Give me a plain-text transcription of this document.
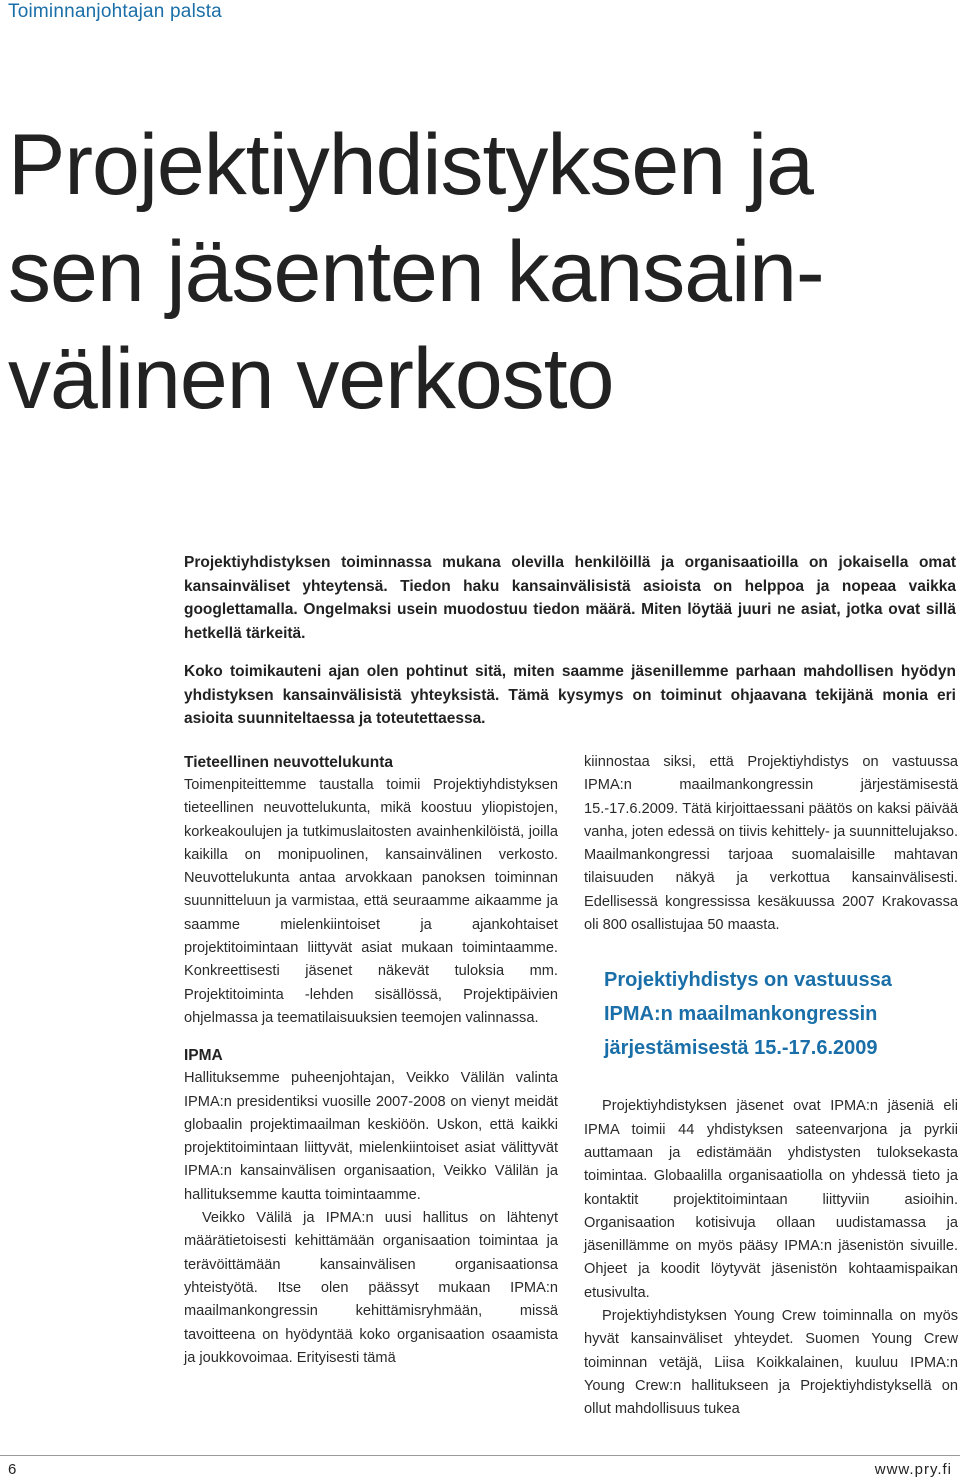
Toiminnanjohtajan palsta
Projektiyhdistyksen ja
sen jäsenten kansain-
välinen verkosto

Projektiyhdistyksen toiminnassa mukana olevilla henkilöillä ja organisaatioilla on jokaisella omat kansainväliset yhteytensä. Tiedon haku kansainvälisistä asioista on helppoa ja nopeaa vaikka googlettamalla. Ongelmaksi usein muodostuu tiedon määrä. Miten löytää juuri ne asiat, jotka ovat sillä hetkellä tärkeitä.

Koko toimikauteni ajan olen pohtinut sitä, miten saamme jäsenillemme parhaan mahdollisen hyödyn yhdistyksen kansainvälisistä yhteyksistä. Tämä kysymys on toiminut ohjaavana tekijänä monia eri asioita suunniteltaessa ja toteutettaessa.

Tieteellinen neuvottelukunta

Toimenpiteittemme taustalla toimii Projektiyhdistyksen tieteellinen neuvottelukunta, mikä koostuu yliopistojen, korkeakoulujen ja tutkimuslaitosten avainhenkilöistä, joilla kaikilla on monipuolinen, kansainvälinen verkosto. Neuvottelukunta antaa arvokkaan panoksen toiminnan suunnitteluun ja varmistaa, että seuraamme aikaamme ja saamme mielenkiintoiset ja ajankohtaiset projektitoimintaan liittyvät asiat mukaan toimintaamme. Konkreettisesti jäsenet näkevät tuloksia mm. Projektitoiminta -lehden sisällössä, Projektipäivien ohjelmassa ja teematilaisuuksien teemojen valinnassa.

IPMA

Hallituksemme puheenjohtajan, Veikko Välilän valinta IPMA:n presidentiksi vuosille 2007-2008 on vienyt meidät globaalin projektimaailman keskiöön. Uskon, että kaikki projektitoimintaan liittyvät, mielenkiintoiset asiat välittyvät IPMA:n kansainvälisen organisaation, Veikko Välilän ja hallituksemme kautta toimintaamme.

Veikko Välilä ja IPMA:n uusi hallitus on lähtenyt määrätietoisesti kehittämään organisaation toimintaa ja terävöittämään kansainvälisen organisaationsa yhteistyötä. Itse olen päässyt mukaan IPMA:n maailmankongressin kehittämisryhmään, missä tavoitteena on hyödyntää koko organisaation osaamista ja joukkovoimaa. Erityisesti tämä

kiinnostaa siksi, että Projektiyhdistys on vastuussa IPMA:n maailmankongressin järjestämisestä 15.-17.6.2009. Tätä kirjoittaessani päätös on kaksi päivää vanha, joten edessä on tiivis kehittely- ja suunnittelujakso. Maailmankongressi tarjoaa suomalaisille mahtavan tilaisuuden näkyä ja verkottua kansainvälisesti. Edellisessä kongressissa kesäkuussa 2007 Krakovassa oli 800 osallistujaa 50 maasta.

Projektiyhdistys on vastuussa
IPMA:n maailmankongressin
järjestämisestä 15.-17.6.2009

Projektiyhdistyksen jäsenet ovat IPMA:n jäseniä eli IPMA toimii 44 yhdistyksen sateenvarjona ja pyrkii auttamaan ja edistämään yhdistysten tuloksekasta toimintaa. Globaalilla organisaatiolla on yhdessä tieto ja kontaktit projektitoimintaan liittyviin asioihin. Organisaation kotisivuja ollaan uudistamassa ja jäsenillämme on myös pääsy IPMA:n jäsenistön sivuille. Ohjeet ja koodit löytyvät jäsenistön kohtaamispaikan etusivulta.

Projektiyhdistyksen Young Crew toiminnalla on myös hyvät kansainväliset yhteydet. Suomen Young Crew toiminnan vetäjä, Liisa Koikkalainen, kuuluu IPMA:n Young Crew:n hallitukseen ja Projektiyhdistyksellä on ollut mahdollisuus tukea

6	www.pry.fi
